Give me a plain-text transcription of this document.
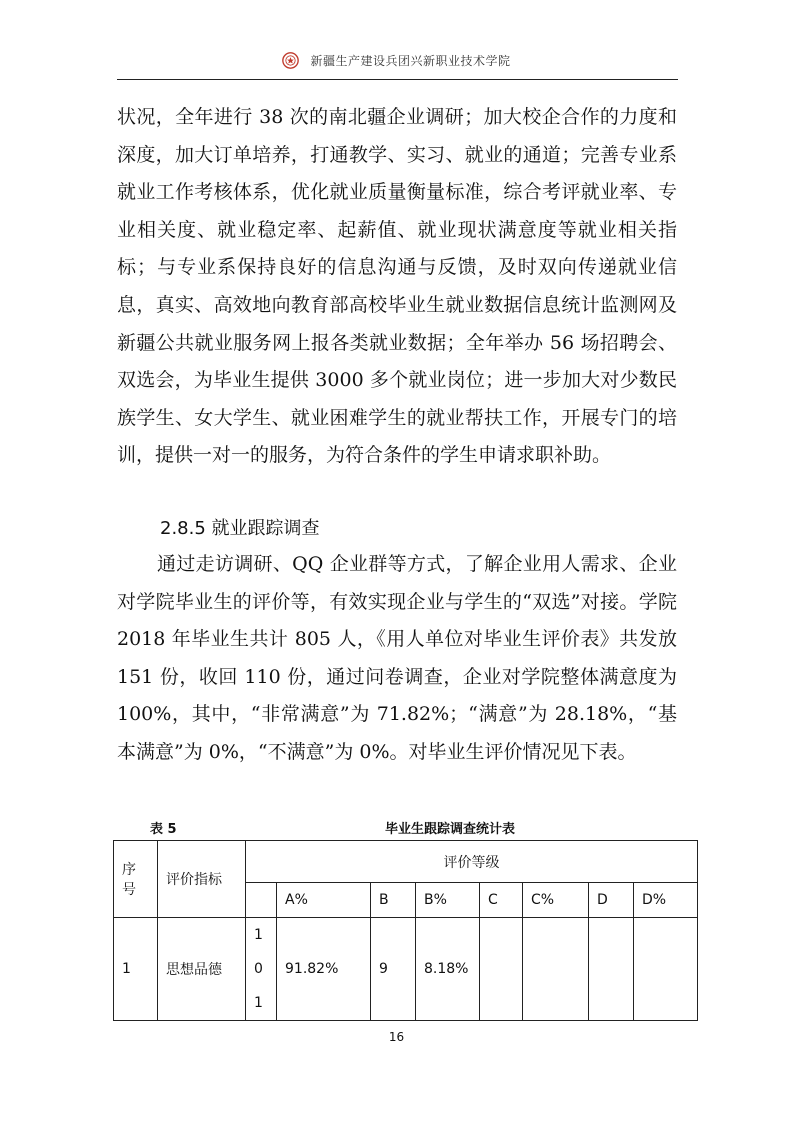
新疆生产建设兵团兴新职业技术学院
状况，全年进行 38 次的南北疆企业调研；加大校企合作的力度和深度，加大订单培养，打通教学、实习、就业的通道；完善专业系就业工作考核体系，优化就业质量衡量标准，综合考评就业率、专业相关度、就业稳定率、起薪值、就业现状满意度等就业相关指标；与专业系保持良好的信息沟通与反馈，及时双向传递就业信息，真实、高效地向教育部高校毕业生就业数据信息统计监测网及新疆公共就业服务网上报各类就业数据；全年举办 56 场招聘会、双选会，为毕业生提供 3000 多个就业岗位；进一步加大对少数民族学生、女大学生、就业困难学生的就业帮扶工作，开展专门的培训，提供一对一的服务，为符合条件的学生申请求职补助。
2.8.5 就业跟踪调查
通过走访调研、QQ 企业群等方式，了解企业用人需求、企业对学院毕业生的评价等，有效实现企业与学生的“双选”对接。学院 2018 年毕业生共计 805 人，《用人单位对毕业生评价表》共发放 151 份，收回 110 份，通过问卷调查，企业对学院整体满意度为 100%，其中，“非常满意”为 71.82%；“满意”为 28.18%，“基本满意”为 0%，“不满意”为 0%。对毕业生评价情况见下表。
表 5	毕业生跟踪调查统计表
序号	评价指标	评价等级							
			A%	B	B%	C	C%	D	D%
1	思想品德	101	91.82%	9	8.18%				
16
